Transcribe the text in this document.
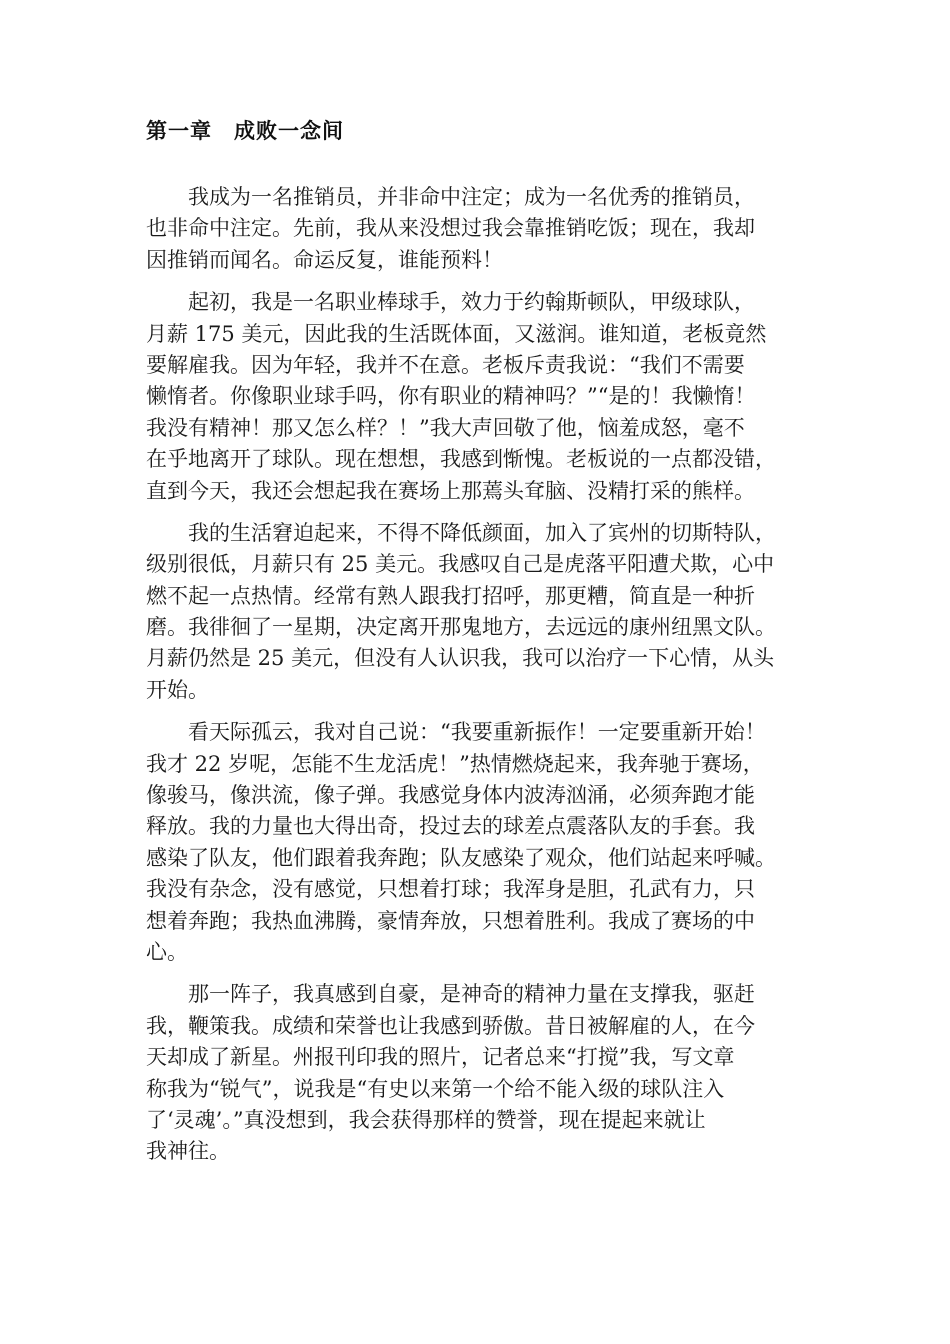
第一章　成败一念间

　　我成为一名推销员，并非命中注定；成为一名优秀的推销员，
也非命中注定。先前，我从来没想过我会靠推销吃饭；现在，我却
因推销而闻名。命运反复，谁能预料！

　　起初，我是一名职业棒球手，效力于约翰斯顿队，甲级球队，
月薪 175 美元，因此我的生活既体面，又滋润。谁知道，老板竟然
要解雇我。因为年轻，我并不在意。老板斥责我说：“我们不需要
懒惰者。你像职业球手吗，你有职业的精神吗？”“是的！我懒惰！
我没有精神！那又怎么样？！”我大声回敬了他，恼羞成怒，毫不
在乎地离开了球队。现在想想，我感到惭愧。老板说的一点都没错，
直到今天，我还会想起我在赛场上那蔫头耷脑、没精打采的熊样。

　　我的生活窘迫起来，不得不降低颜面，加入了宾州的切斯特队，
级别很低，月薪只有 25 美元。我感叹自己是虎落平阳遭犬欺，心中
燃不起一点热情。经常有熟人跟我打招呼，那更糟，简直是一种折
磨。我徘徊了一星期，决定离开那鬼地方，去远远的康州纽黑文队。
月薪仍然是 25 美元，但没有人认识我，我可以治疗一下心情，从头
开始。

　　看天际孤云，我对自己说：“我要重新振作！一定要重新开始！
我才 22 岁呢，怎能不生龙活虎！”热情燃烧起来，我奔驰于赛场，
像骏马，像洪流，像子弹。我感觉身体内波涛汹涌，必须奔跑才能
释放。我的力量也大得出奇，投过去的球差点震落队友的手套。我
感染了队友，他们跟着我奔跑；队友感染了观众，他们站起来呼喊。
我没有杂念，没有感觉，只想着打球；我浑身是胆，孔武有力，只
想着奔跑；我热血沸腾，豪情奔放，只想着胜利。我成了赛场的中
心。

　　那一阵子，我真感到自豪，是神奇的精神力量在支撑我，驱赶
我，鞭策我。成绩和荣誉也让我感到骄傲。昔日被解雇的人，在今
天却成了新星。州报刊印我的照片，记者总来“打搅”我，写文章
称我为“锐气”，说我是“有史以来第一个给不能入级的球队注入
了‘灵魂’。”真没想到，我会获得那样的赞誉，现在提起来就让
我神往。
